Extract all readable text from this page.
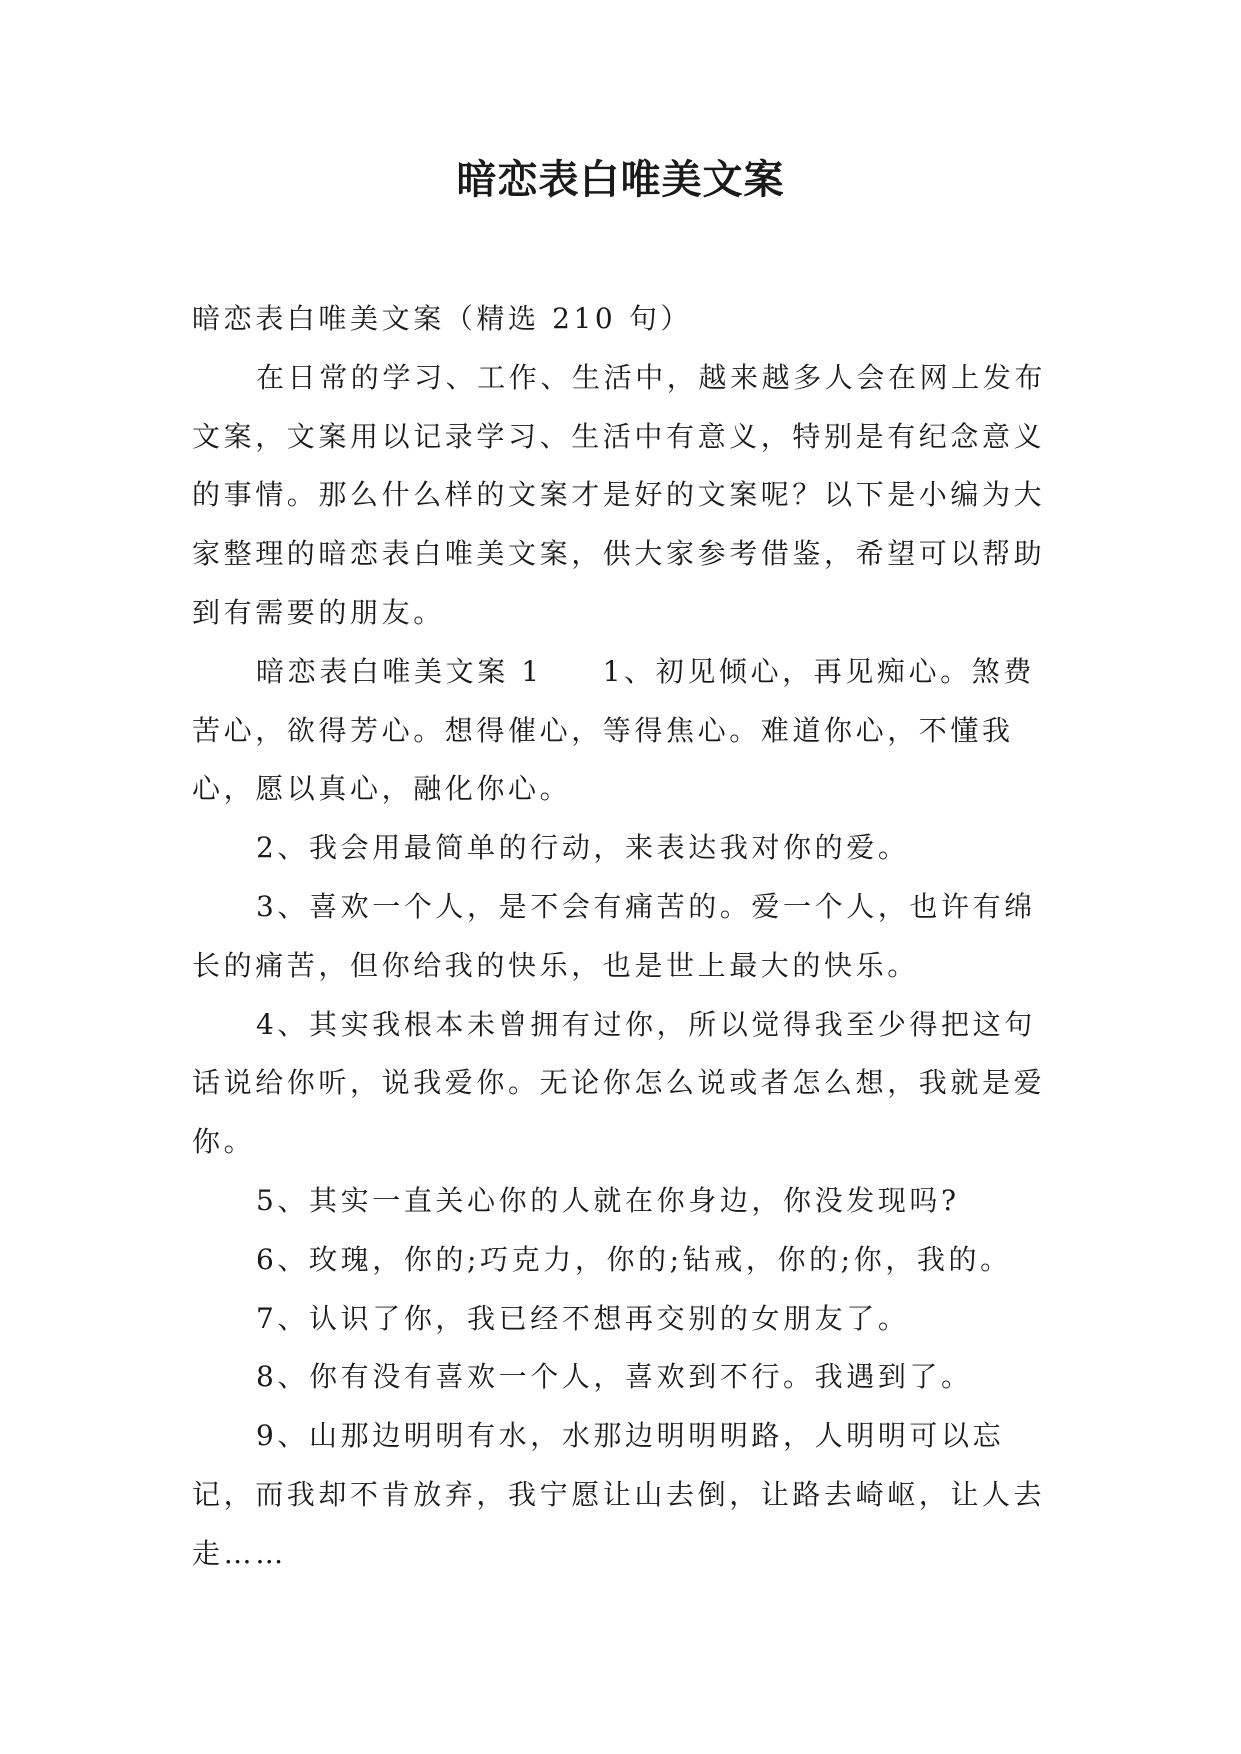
暗恋表白唯美文案

暗恋表白唯美文案（精选 210 句）

在日常的学习、工作、生活中，越来越多人会在网上发布文案，文案用以记录学习、生活中有意义，特别是有纪念意义的事情。那么什么样的文案才是好的文案呢？以下是小编为大家整理的暗恋表白唯美文案，供大家参考借鉴，希望可以帮助到有需要的朋友。

暗恋表白唯美文案 1 1、初见倾心，再见痴心。煞费苦心，欲得芳心。想得催心，等得焦心。难道你心，不懂我心，愿以真心，融化你心。

2、我会用最简单的行动，来表达我对你的爱。

3、喜欢一个人，是不会有痛苦的。爱一个人，也许有绵长的痛苦，但你给我的快乐，也是世上最大的快乐。

4、其实我根本未曾拥有过你，所以觉得我至少得把这句话说给你听，说我爱你。无论你怎么说或者怎么想，我就是爱你。

5、其实一直关心你的人就在你身边，你没发现吗?

6、玫瑰，你的;巧克力，你的;钻戒，你的;你，我的。

7、认识了你，我已经不想再交别的女朋友了。

8、你有没有喜欢一个人，喜欢到不行。我遇到了。

9、山那边明明有水，水那边明明明路，人明明可以忘记，而我却不肯放弃，我宁愿让山去倒，让路去崎岖，让人去走……
